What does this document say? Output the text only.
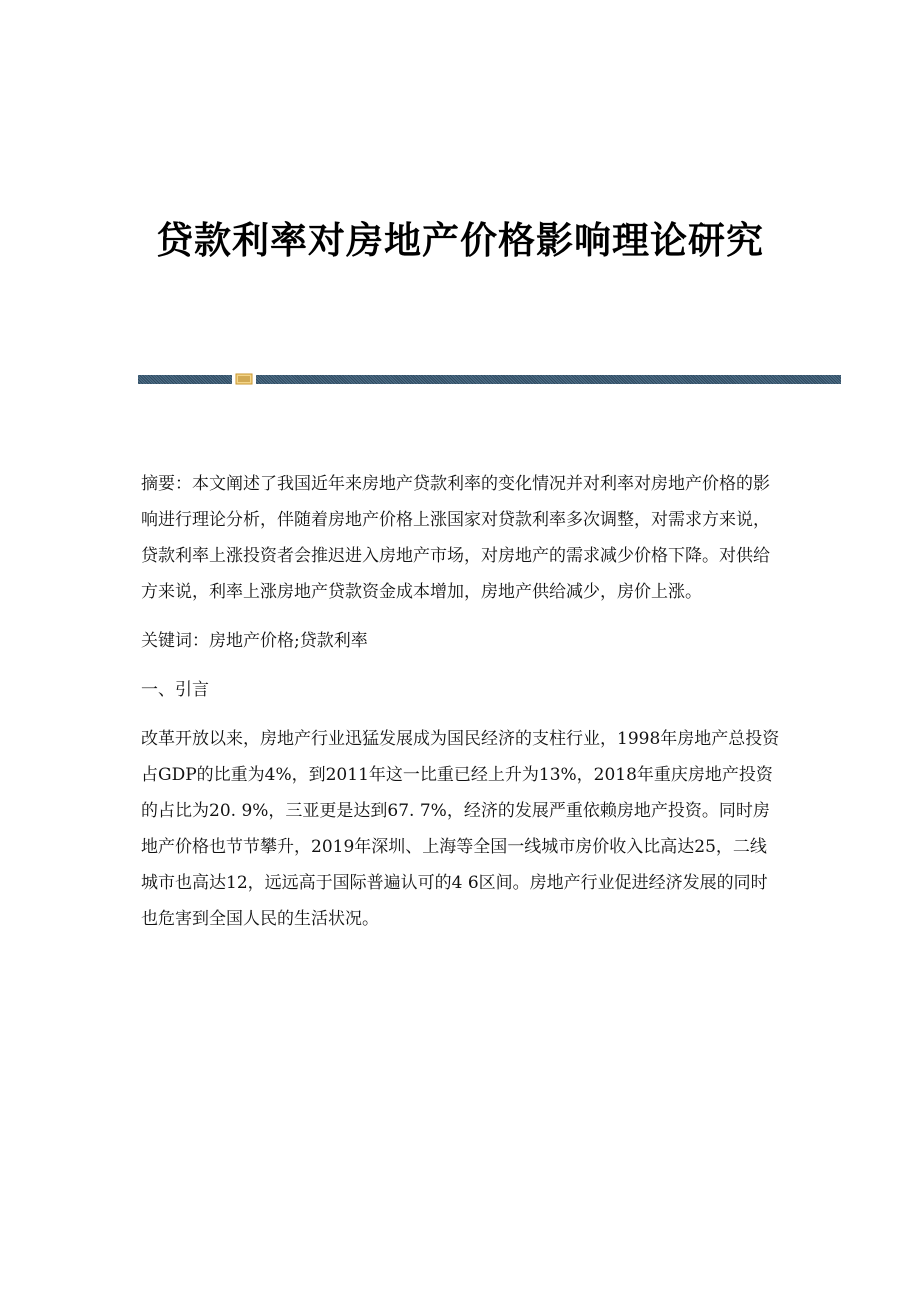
贷款利率对房地产价格影响理论研究

摘要：本文阐述了我国近年来房地产贷款利率的变化情况并对利率对房地产价格的影响进行理论分析，伴随着房地产价格上涨国家对贷款利率多次调整，对需求方来说，贷款利率上涨投资者会推迟进入房地产市场，对房地产的需求减少价格下降。对供给方来说，利率上涨房地产贷款资金成本增加，房地产供给减少，房价上涨。

关键词：房地产价格;贷款利率

一、引言

改革开放以来，房地产行业迅猛发展成为国民经济的支柱行业，1998年房地产总投资占GDP的比重为4%，到2011年这一比重已经上升为13%，2018年重庆房地产投资的占比为20. 9%，三亚更是达到67. 7%，经济的发展严重依赖房地产投资。同时房地产价格也节节攀升，2019年深圳、上海等全国一线城市房价收入比高达25，二线城市也高达12，远远高于国际普遍认可的4 6区间。房地产行业促进经济发展的同时也危害到全国人民的生活状况。
